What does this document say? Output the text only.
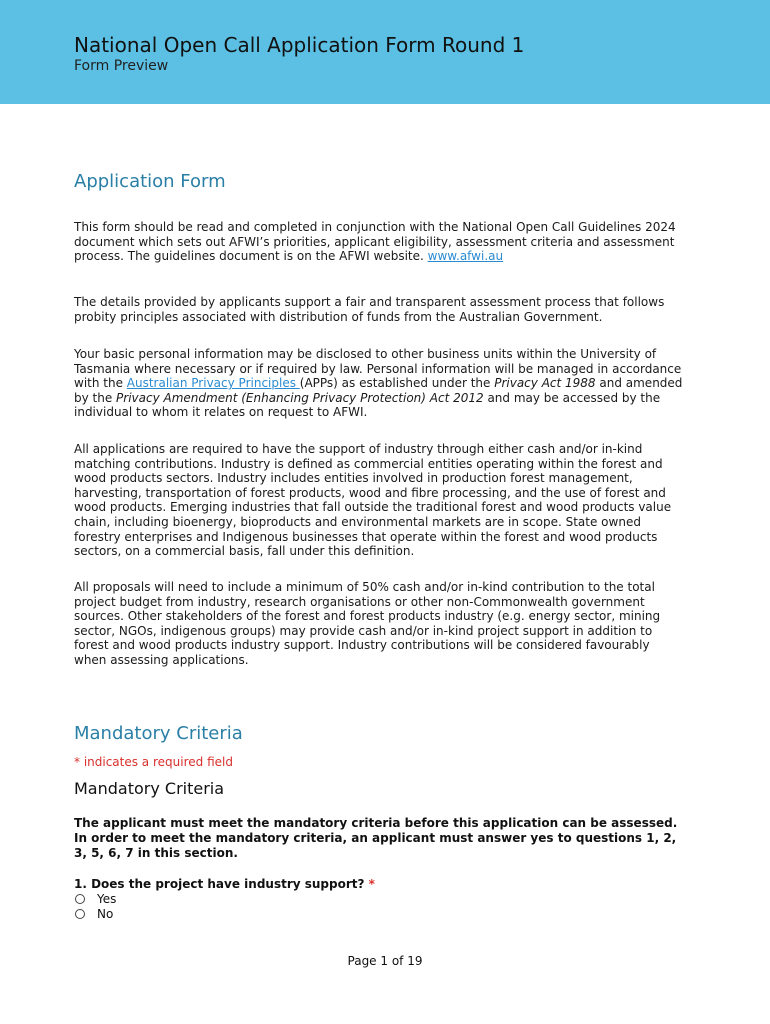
National Open Call Application Form Round 1
Form Preview
Application Form

This form should be read and completed in conjunction with the National Open Call Guidelines 2024 document which sets out AFWI’s priorities, applicant eligibility, assessment criteria and assessment process. The guidelines document is on the AFWI website. www.afwi.au

The details provided by applicants support a fair and transparent assessment process that follows probity principles associated with distribution of funds from the Australian Government.

Your basic personal information may be disclosed to other business units within the University of Tasmania where necessary or if required by law. Personal information will be managed in accordance with the Australian Privacy Principles (APPs) as established under the Privacy Act 1988 and amended by the Privacy Amendment (Enhancing Privacy Protection) Act 2012 and may be accessed by the individual to whom it relates on request to AFWI.

All applications are required to have the support of industry through either cash and/or in-kind matching contributions. Industry is defined as commercial entities operating within the forest and wood products sectors. Industry includes entities involved in production forest management, harvesting, transportation of forest products, wood and fibre processing, and the use of forest and wood products. Emerging industries that fall outside the traditional forest and wood products value chain, including bioenergy, bioproducts and environmental markets are in scope. State owned forestry enterprises and Indigenous businesses that operate within the forest and wood products sectors, on a commercial basis, fall under this definition.

All proposals will need to include a minimum of 50% cash and/or in-kind contribution to the total project budget from industry, research organisations or other non-Commonwealth government sources. Other stakeholders of the forest and forest products industry (e.g. energy sector, mining sector, NGOs, indigenous groups) may provide cash and/or in-kind project support in addition to forest and wood products industry support. Industry contributions will be considered favourably when assessing applications.

Mandatory Criteria
* indicates a required field
Mandatory Criteria

The applicant must meet the mandatory criteria before this application can be assessed. In order to meet the mandatory criteria, an applicant must answer yes to questions 1, 2, 3, 5, 6, 7 in this section.

1. Does the project have industry support? *
Yes
No
Page 1 of 19
